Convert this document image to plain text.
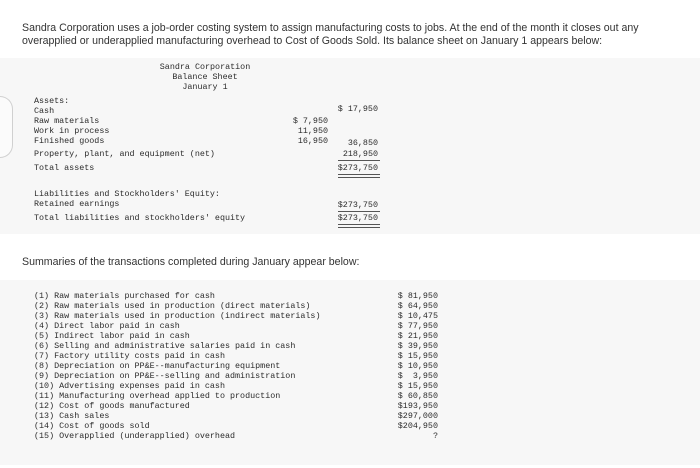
Sandra Corporation uses a job-order costing system to assign manufacturing costs to jobs. At the end of the month it closes out any overapplied or underapplied manufacturing overhead to Cost of Goods Sold. Its balance sheet on January 1 appears below:
Sandra Corporation
Balance Sheet
January 1
Assets:
Cash	$ 17,950
Raw materials	$ 7,950
Work in process	11,950
Finished goods	16,950	36,850
Property, plant, and equipment (net)	218,950
Total assets	$273,750
Liabilities and Stockholders' Equity:
Retained earnings	$273,750
Total liabilities and stockholders' equity	$273,750
Summaries of the transactions completed during January appear below:
(1) Raw materials purchased for cash	$ 81,950
(2) Raw materials used in production (direct materials)	$ 64,950
(3) Raw materials used in production (indirect materials)	$ 10,475
(4) Direct labor paid in cash	$ 77,950
(5) Indirect labor paid in cash	$ 21,950
(6) Selling and administrative salaries paid in cash	$ 39,950
(7) Factory utility costs paid in cash	$ 15,950
(8) Depreciation on PP&E--manufacturing equipment	$ 10,950
(9) Depreciation on PP&E--selling and administration	$  3,950
(10) Advertising expenses paid in cash	$ 15,950
(11) Manufacturing overhead applied to production	$ 60,850
(12) Cost of goods manufactured	$193,950
(13) Cash sales	$297,000
(14) Cost of goods sold	$204,950
(15) Overapplied (underapplied) overhead	?
